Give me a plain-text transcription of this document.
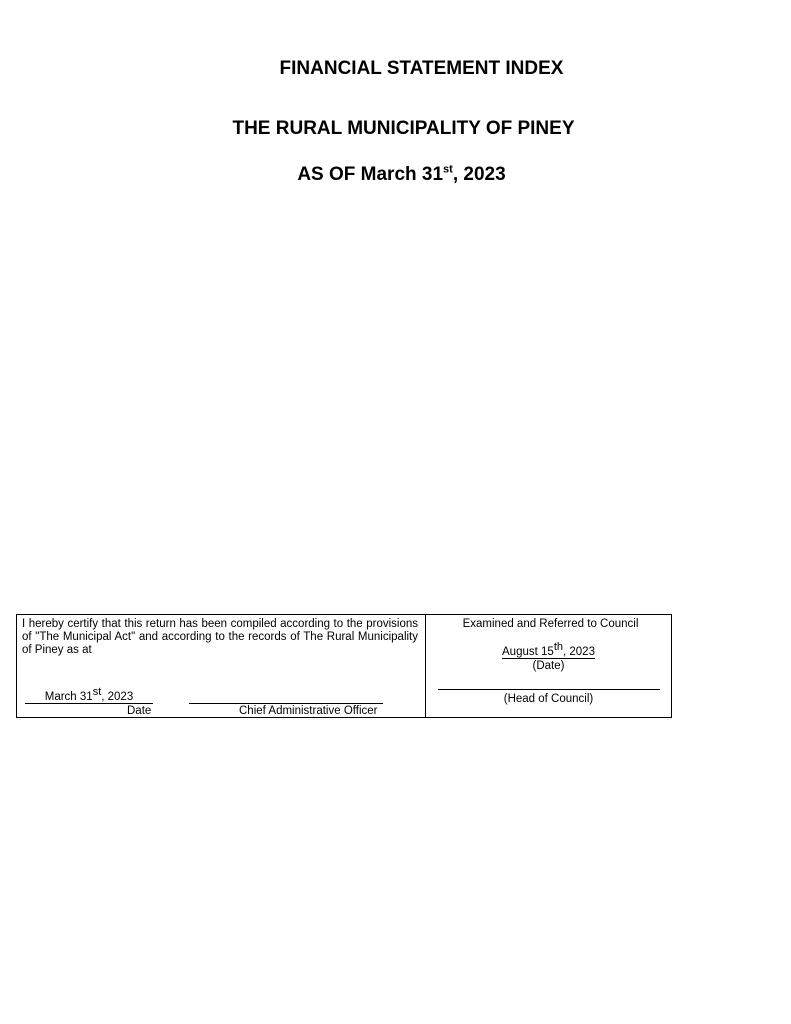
FINANCIAL STATEMENT INDEX
THE RURAL MUNICIPALITY OF PINEY
AS OF March 31st, 2023
I hereby certify that this return has been compiled according to the provisions of "The Municipal Act" and according to the records of The Rural Municipality of Piney as at
March 31st, 2023
Date	Chief Administrative Officer
Examined and Referred to Council
August 15th, 2023
(Date)
(Head of Council)
